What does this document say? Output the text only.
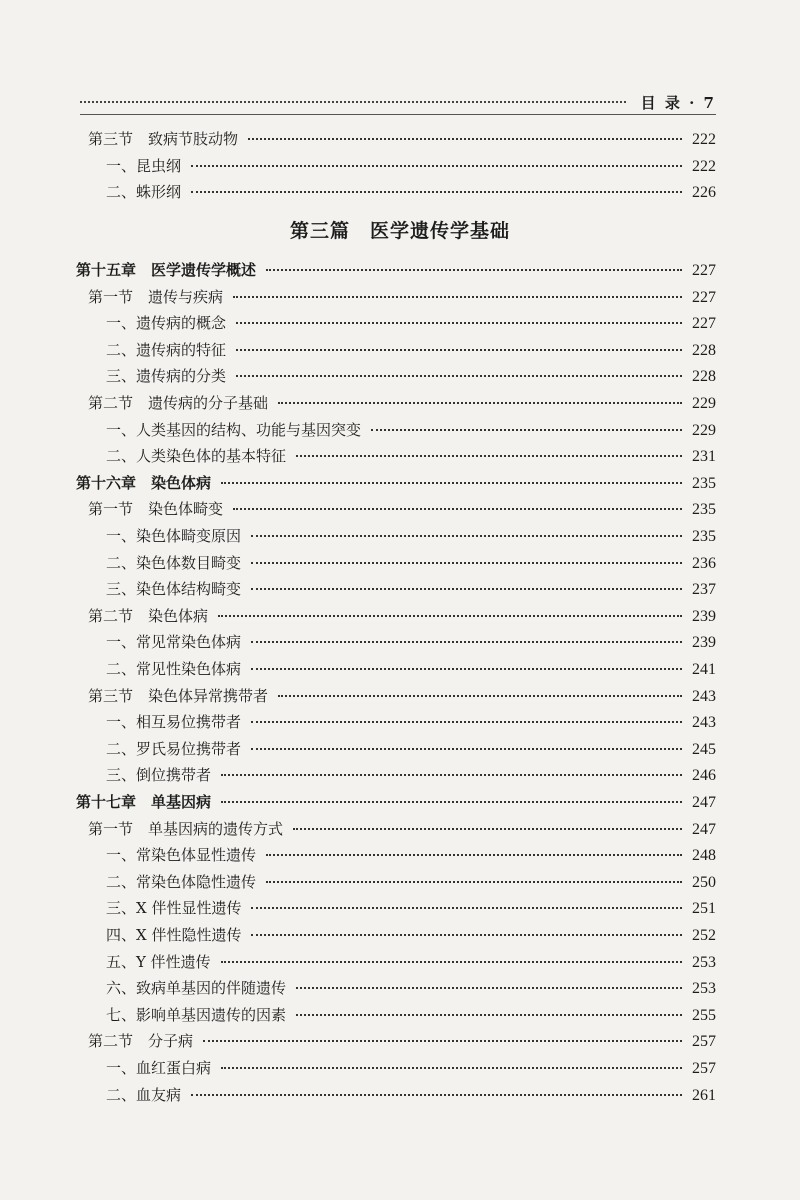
目 录 · 7
第三篇　医学遗传学基础
第三节　致病节肢动物	222
一、昆虫纲	222
二、蛛形纲	226
第十五章　医学遗传学概述	227
第一节　遗传与疾病	227
一、遗传病的概念	227
二、遗传病的特征	228
三、遗传病的分类	228
第二节　遗传病的分子基础	229
一、人类基因的结构、功能与基因突变	229
二、人类染色体的基本特征	231
第十六章　染色体病	235
第一节　染色体畸变	235
一、染色体畸变原因	235
二、染色体数目畸变	236
三、染色体结构畸变	237
第二节　染色体病	239
一、常见常染色体病	239
二、常见性染色体病	241
第三节　染色体异常携带者	243
一、相互易位携带者	243
二、罗氏易位携带者	245
三、倒位携带者	246
第十七章　单基因病	247
第一节　单基因病的遗传方式	247
一、常染色体显性遗传	248
二、常染色体隐性遗传	250
三、X 伴性显性遗传	251
四、X 伴性隐性遗传	252
五、Y 伴性遗传	253
六、致病单基因的伴随遗传	253
七、影响单基因遗传的因素	255
第二节　分子病	257
一、血红蛋白病	257
二、血友病	261
